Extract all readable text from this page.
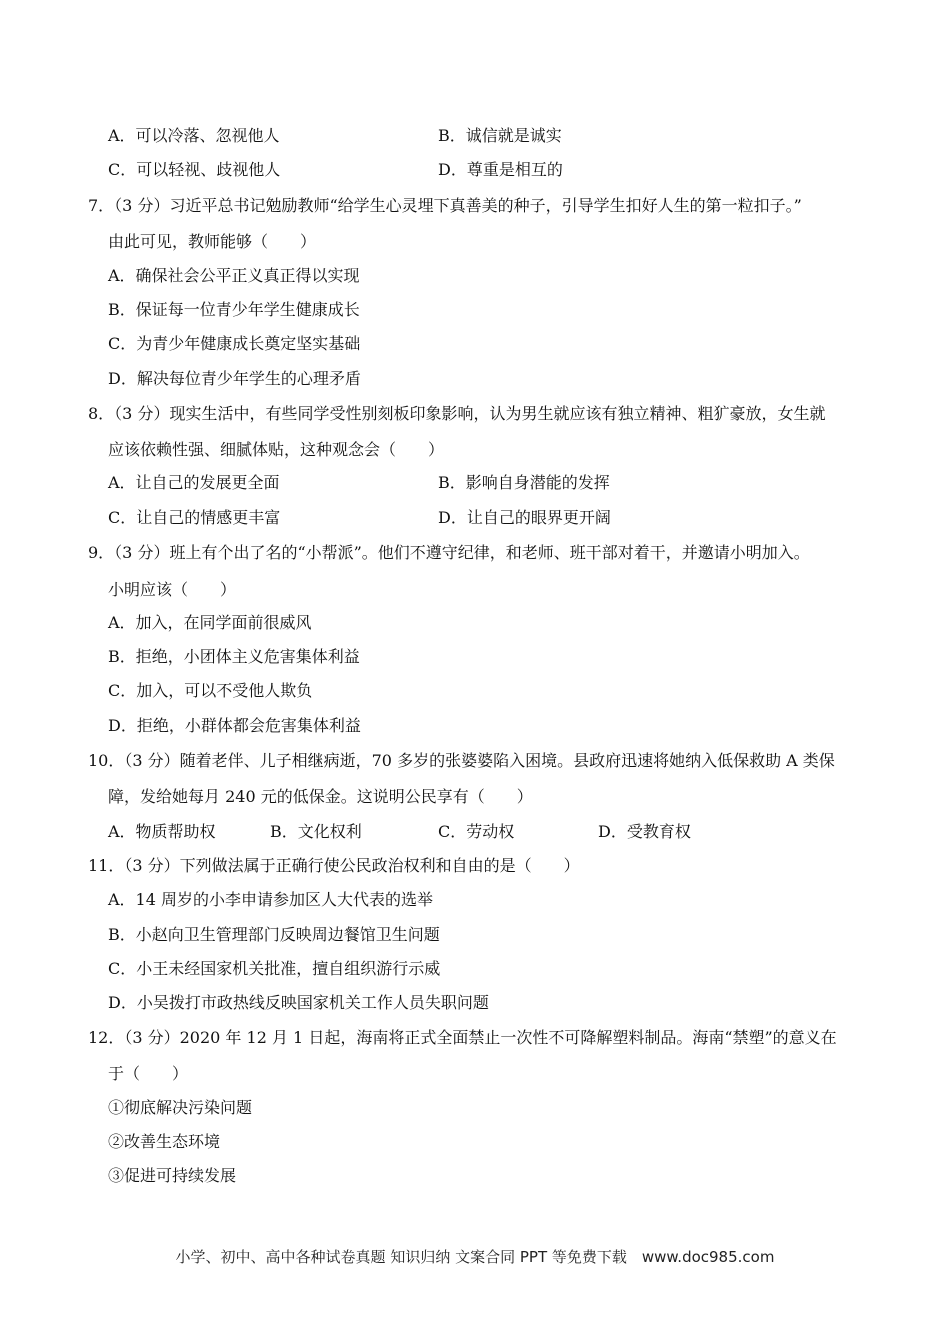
A．可以冷落、忽视他人	B．诚信就是诚实
C．可以轻视、歧视他人	D．尊重是相互的
7．（3 分）习近平总书记勉励教师“给学生心灵埋下真善美的种子，引导学生扣好人生的第一粒扣子。”
由此可见，教师能够（　　）
A．确保社会公平正义真正得以实现
B．保证每一位青少年学生健康成长
C．为青少年健康成长奠定坚实基础
D．解决每位青少年学生的心理矛盾
8．（3 分）现实生活中，有些同学受性别刻板印象影响，认为男生就应该有独立精神、粗犷豪放，女生就
应该依赖性强、细腻体贴，这种观念会（　　）
A．让自己的发展更全面	B．影响自身潜能的发挥
C．让自己的情感更丰富	D．让自己的眼界更开阔
9．（3 分）班上有个出了名的“小帮派”。他们不遵守纪律，和老师、班干部对着干，并邀请小明加入。
小明应该（　　）
A．加入，在同学面前很威风
B．拒绝，小团体主义危害集体利益
C．加入，可以不受他人欺负
D．拒绝，小群体都会危害集体利益
10．（3 分）随着老伴、儿子相继病逝，70 多岁的张婆婆陷入困境。县政府迅速将她纳入低保救助 A 类保
障，发给她每月 240 元的低保金。这说明公民享有（　　）
A．物质帮助权	B．文化权利	C．劳动权	D．受教育权
11．（3 分）下列做法属于正确行使公民政治权利和自由的是（　　）
A．14 周岁的小李申请参加区人大代表的选举
B．小赵向卫生管理部门反映周边餐馆卫生问题
C．小王未经国家机关批准，擅自组织游行示威
D．小吴拨打市政热线反映国家机关工作人员失职问题
12．（3 分）2020 年 12 月 1 日起，海南将正式全面禁止一次性不可降解塑料制品。海南“禁塑”的意义在
于（　　）
①彻底解决污染问题
②改善生态环境
③促进可持续发展
小学、初中、高中各种试卷真题 知识归纳 文案合同 PPT 等免费下载　www.doc985.com
